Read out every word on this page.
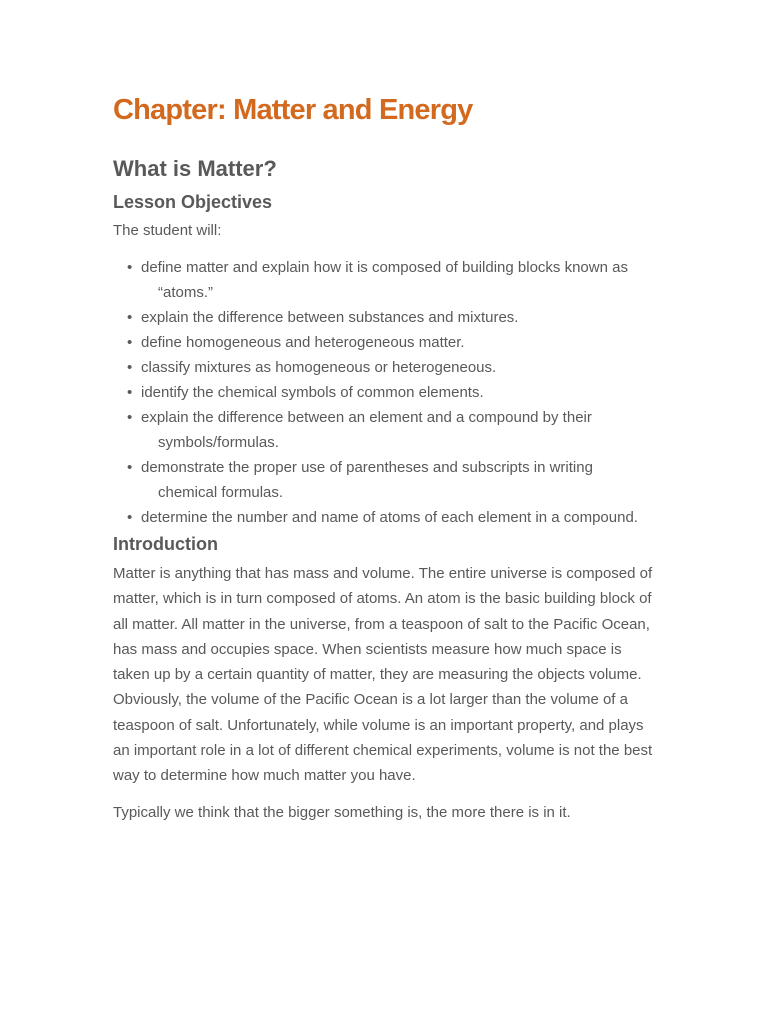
Chapter: Matter and Energy
What is Matter?
Lesson Objectives

The student will:

• define matter and explain how it is composed of building blocks known as “atoms.”
• explain the difference between substances and mixtures.
• define homogeneous and heterogeneous matter.
• classify mixtures as homogeneous or heterogeneous.
• identify the chemical symbols of common elements.
• explain the difference between an element and a compound by their symbols/formulas.
• demonstrate the proper use of parentheses and subscripts in writing chemical formulas.
• determine the number and name of atoms of each element in a compound.
Introduction

Matter is anything that has mass and volume. The entire universe is composed of matter, which is in turn composed of atoms. An atom is the basic building block of all matter. All matter in the universe, from a teaspoon of salt to the Pacific Ocean, has mass and occupies space. When scientists measure how much space is taken up by a certain quantity of matter, they are measuring the objects volume. Obviously, the volume of the Pacific Ocean is a lot larger than the volume of a teaspoon of salt. Unfortunately, while volume is an important property, and plays an important role in a lot of different chemical experiments, volume is not the best way to determine how much matter you have.

Typically we think that the bigger something is, the more there is in it.
